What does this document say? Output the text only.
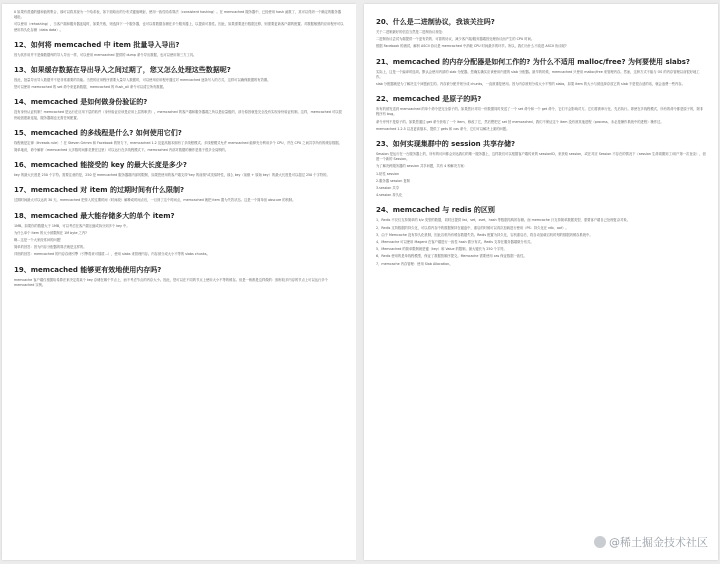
0 如果有普通的键和值的集合，那可以将其视为一个哈希表，如下面给出的分布式键值映射，使用一致性哈希算法（consistent hashing）。在 memcached 服务器中，已经使用 hash 函数了，其可以得到一个确定的服务器地址。

可以使用（rehashing），当客户端和服务器连接时，如果失败，则选择下一个服务器，也可以将数据存储在多个服务器上，以提高可靠性。因此，如果需要进行数据迁移，则需要更新客户端的配置。对数据敏感的应用程序可以使用持久化存储（data data）。

12、如何将 memcached 中 item 批量导入导出?

因为其作用并不是像数据库的导入导出一样，可以使用 memcached 提供的 dump 命令导出数据，也可以使用第三方工具。

13、如果缓存数据在导出导入之间过期了，您又怎么处理这些数据呢?

因此，批量导出导入数据并不是非常重要的功能。当您的应用程序需要大量导入数据时，可以使用应用程序通过对 memcached 逐条写入的方式，这样可以确保数据的有效期。

您可以使用 memcached 的 set 命令来更新数据，memcached 的 flush_all 命令可以清空所有数据。

14、memcached 是如何做身份验证的?

没有身份认证机制！memcached 是运行在应用下层的软件（身份验证应该是应用上层的职责）。memcached 的客户端和服务器端之所以是轻量级的，部分原因就是完全没有实现身份验证机制。这样，memcached 可以很快地创建新连接，服务器端也无需任何配置。

15、memcached 的多线程是什么? 如何使用它们?

线程就是定律（threads rule）！在 Steven Grimm 和 Facebook 的努力下，memcached 1.2 及更高版本拥有了多线程模式。多线程模式允许 memcached 能够充分利用多个 CPU，并在 CPU 之间共享所有的缓存数据。

简单地说，命令解析（memcached 大多数时间都花费在这里）可以运行在多线程模式下。memcached 内部对数据的操作是基于很多全局锁的。

16、memcached 能接受的 key 的最大长度是多少?

key 的最大长度是 250 个字符。需要注意的是，250 是 memcached 服务器端内部的限制，如果您使用的客户端支持"key 的前缀"或类似特性，那么 key（前缀 + 原始 key）的最大长度是可以超过 250 个字符的。

17、memcached 对 item 的过期时间有什么限制?

过期时间最大可以达到 30 天。memcached 把传入的过期时间（时间段）解释成时间点后，一旦到了这个时间点，memcached 就把 item 置为失效状态。这是一个简单但 obscure 的机制。

18、memcached 最大能存储多大的单个 item?

1MB。如果你的数据大于 1MB，可以考虑在客户端压缩或拆分到多个 key 中。

为什么单个 item 的大小被限制在 1M byte 之内?

啊...这是一个大家经常问的问题！

简单的回答：因为内存分配器的算法就是这样的。

详细的回答：memcached 的内存存储引擎（引擎将来可插拔...），使用 slabs 来管理内存。内存被分成大小不等的 slabs chunks。

19、memcached 能够更有效地使用内存吗?

memcache 客户端仅根据哈希算法来决定将某个 key 存储在哪个节点上，而不考虑节点的内存大小。因此，您可以在不同的节点上使用大小不等的缓存。但是一般都是这样做的：拥有较多内存的节点上可以运行多个 memcached 实例。

20、什么是二进制协议，我该关注吗?

关于二进制最好的信息当然是二进制协议规范：

二进制协议尝试为端提供一个更有效的、可靠的协议，减少客户端/服务器端因处理协议而产生的 CPU 时间。

根据 Facebook 的测试，解析 ASCII 协议是 memcached 中消耗 CPU 时间最多的环节。所以，我们为什么不改进 ASCII 协议呢?

21、memcached 的内存分配器是如何工作的? 为什么不适用 malloc/free? 为何要使用 slabs?

实际上，这是一个编译时选项。默认会使用内部的 slab 分配器。您确实确实应该使用内建的 slab 分配器。最早的时候，memcached 只使用 malloc/free 来管理内存。然而，这种方式不能与 OS 的内存管理以前很好地工作。

slab 分配器就是为了解决这个问题而生的。内存被分配并划分成 chunks，一直被重复使用。因为内存被划分成大小不等的 slabs，如果 item 的大小与被选择存放它的 slab 不是很合适的话，就会浪费一些内存。

22、memcached 是原子的吗?

所有的被发送到 memcached 的单个命令是完全原子的。如果您针对同一份数据同时发送了一个 set 命令和一个 get 命令，它们不会影响对方。它们将被串行化、先后执行。即使在多线程模式，所有的命令都是原子的，除非程序有 bug。

命令序列不是原子的。如果您通过 get 命令获取了一个 item，修改了它，然后想把它 set 回 memcached，我们不保证这个 item 没有被其他进程（process，未必是操作系统中的进程）操作过。

memcached 1.2.5 以及更高版本，提供了 gets 和 cas 命令，它们可以解决上面的问题。

23、如何实现集群中的 session 共享存储?

Session 是运行在一台服务器上的，所有的访问都会到达我们的唯一服务器上，这样我们可以根据客户端传来的 sessionID，来获取 session，或在对应 Session 不存在的情况下（session 生命周期到了/用户第一次登录），创建一个新的 Session。

为了解决跨服务器的 session 共享问题，共有 4 种解决方案：

1.粘性 session

2.服务器 session 复制

3.session 共享

4.session 持久化

24、memcached 与 redis 的区别

1、Redis 不仅仅支持简单的 k/v 类型的数据，同时还提供 list，set，zset，hash 等数据结构的存储。而 memcache 只支持简单数据类型，需要客户端自己处理复杂对象。

2、Redis 支持数据的持久化，可以将内存中的数据保持在磁盘中，重启的时候可以再次加载进行使用（PS：持久化在 rdb、aof）。

3、由于 Memcache 没有持久化机制，因此宕机所有缓存数据失效。Redis 配置为持久化，宕机重启后，将自动加载宕机时刻的数据到缓存系统中。

4、Memcache 可以使用 Magent 在客户端进行一致性 hash 做分布式。Redis 支持在服务器端做分布式。

5、Memcached 的简单限制就是键（key）和 Value 的限制。最大键长为 250 个字符。

6、Redis 使用的是单线程模型，保证了数据按顺序提交。Memcache 需要使用 cas 保证数据一致性。

7、memcache 内存管理：使用 Slab Allocation。

@稀土掘金技术社区
